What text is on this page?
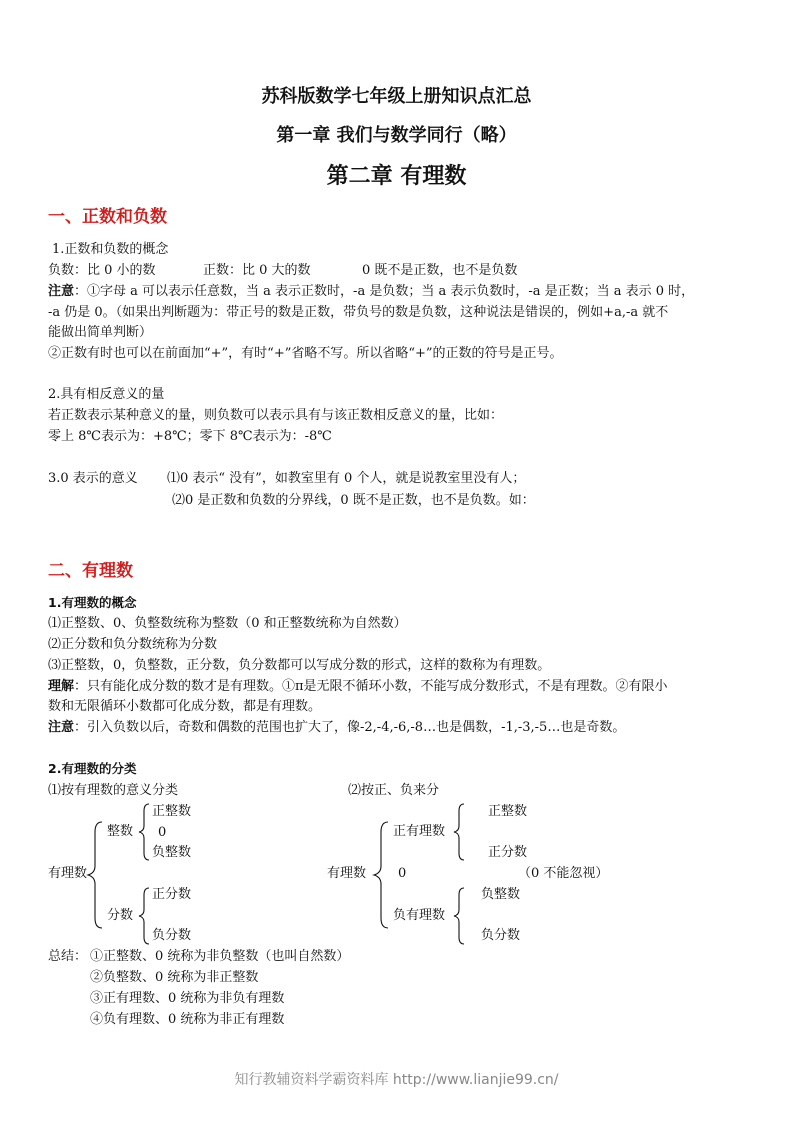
苏科版数学七年级上册知识点汇总
第一章 我们与数学同行（略）
第二章 有理数
一、正数和负数
1.正数和负数的概念
负数：比 0 小的数	正数：比 0 大的数	0 既不是正数，也不是负数
注意：①字母 a 可以表示任意数，当 a 表示正数时，-a 是负数；当 a 表示负数时，-a 是正数；当 a 表示 0 时，
-a 仍是 0。（如果出判断题为：带正号的数是正数，带负号的数是负数，这种说法是错误的，例如+a,-a 就不
能做出简单判断）
②正数有时也可以在前面加“+”，有时“+”省略不写。所以省略“+”的正数的符号是正号。
2.具有相反意义的量
若正数表示某种意义的量，则负数可以表示具有与该正数相反意义的量，比如：
零上 8℃表示为：+8℃；零下 8℃表示为：-8℃
3.0 表示的意义 ⑴0 表示“ 没有”，如教室里有 0 个人，就是说教室里没有人；
⑵0 是正数和负数的分界线，0 既不是正数，也不是负数。如：
二、有理数
1.有理数的概念
⑴正整数、0、负整数统称为整数（0 和正整数统称为自然数）
⑵正分数和负分数统称为分数
⑶正整数，0，负整数，正分数，负分数都可以写成分数的形式，这样的数称为有理数。
理解：只有能化成分数的数才是有理数。①π是无限不循环小数，不能写成分数形式，不是有理数。②有限小
数和无限循环小数都可化成分数，都是有理数。
注意：引入负数以后，奇数和偶数的范围也扩大了，像-2,-4,-6,-8…也是偶数，-1,-3,-5…也是奇数。
2.有理数的分类
⑴按有理数的意义分类
有理数
整数
正整数
0
负整数
分数
正分数
负分数
⑵按正、负来分
有理数
正有理数
正整数
正分数
0	（0 不能忽视）
负有理数
负整数
负分数
总结： ①正整数、0 统称为非负整数（也叫自然数）
②负整数、0 统称为非正整数
③正有理数、0 统称为非负有理数
④负有理数、0 统称为非正有理数
知行教辅资料学霸资料库 http://www.lianjie99.cn/
